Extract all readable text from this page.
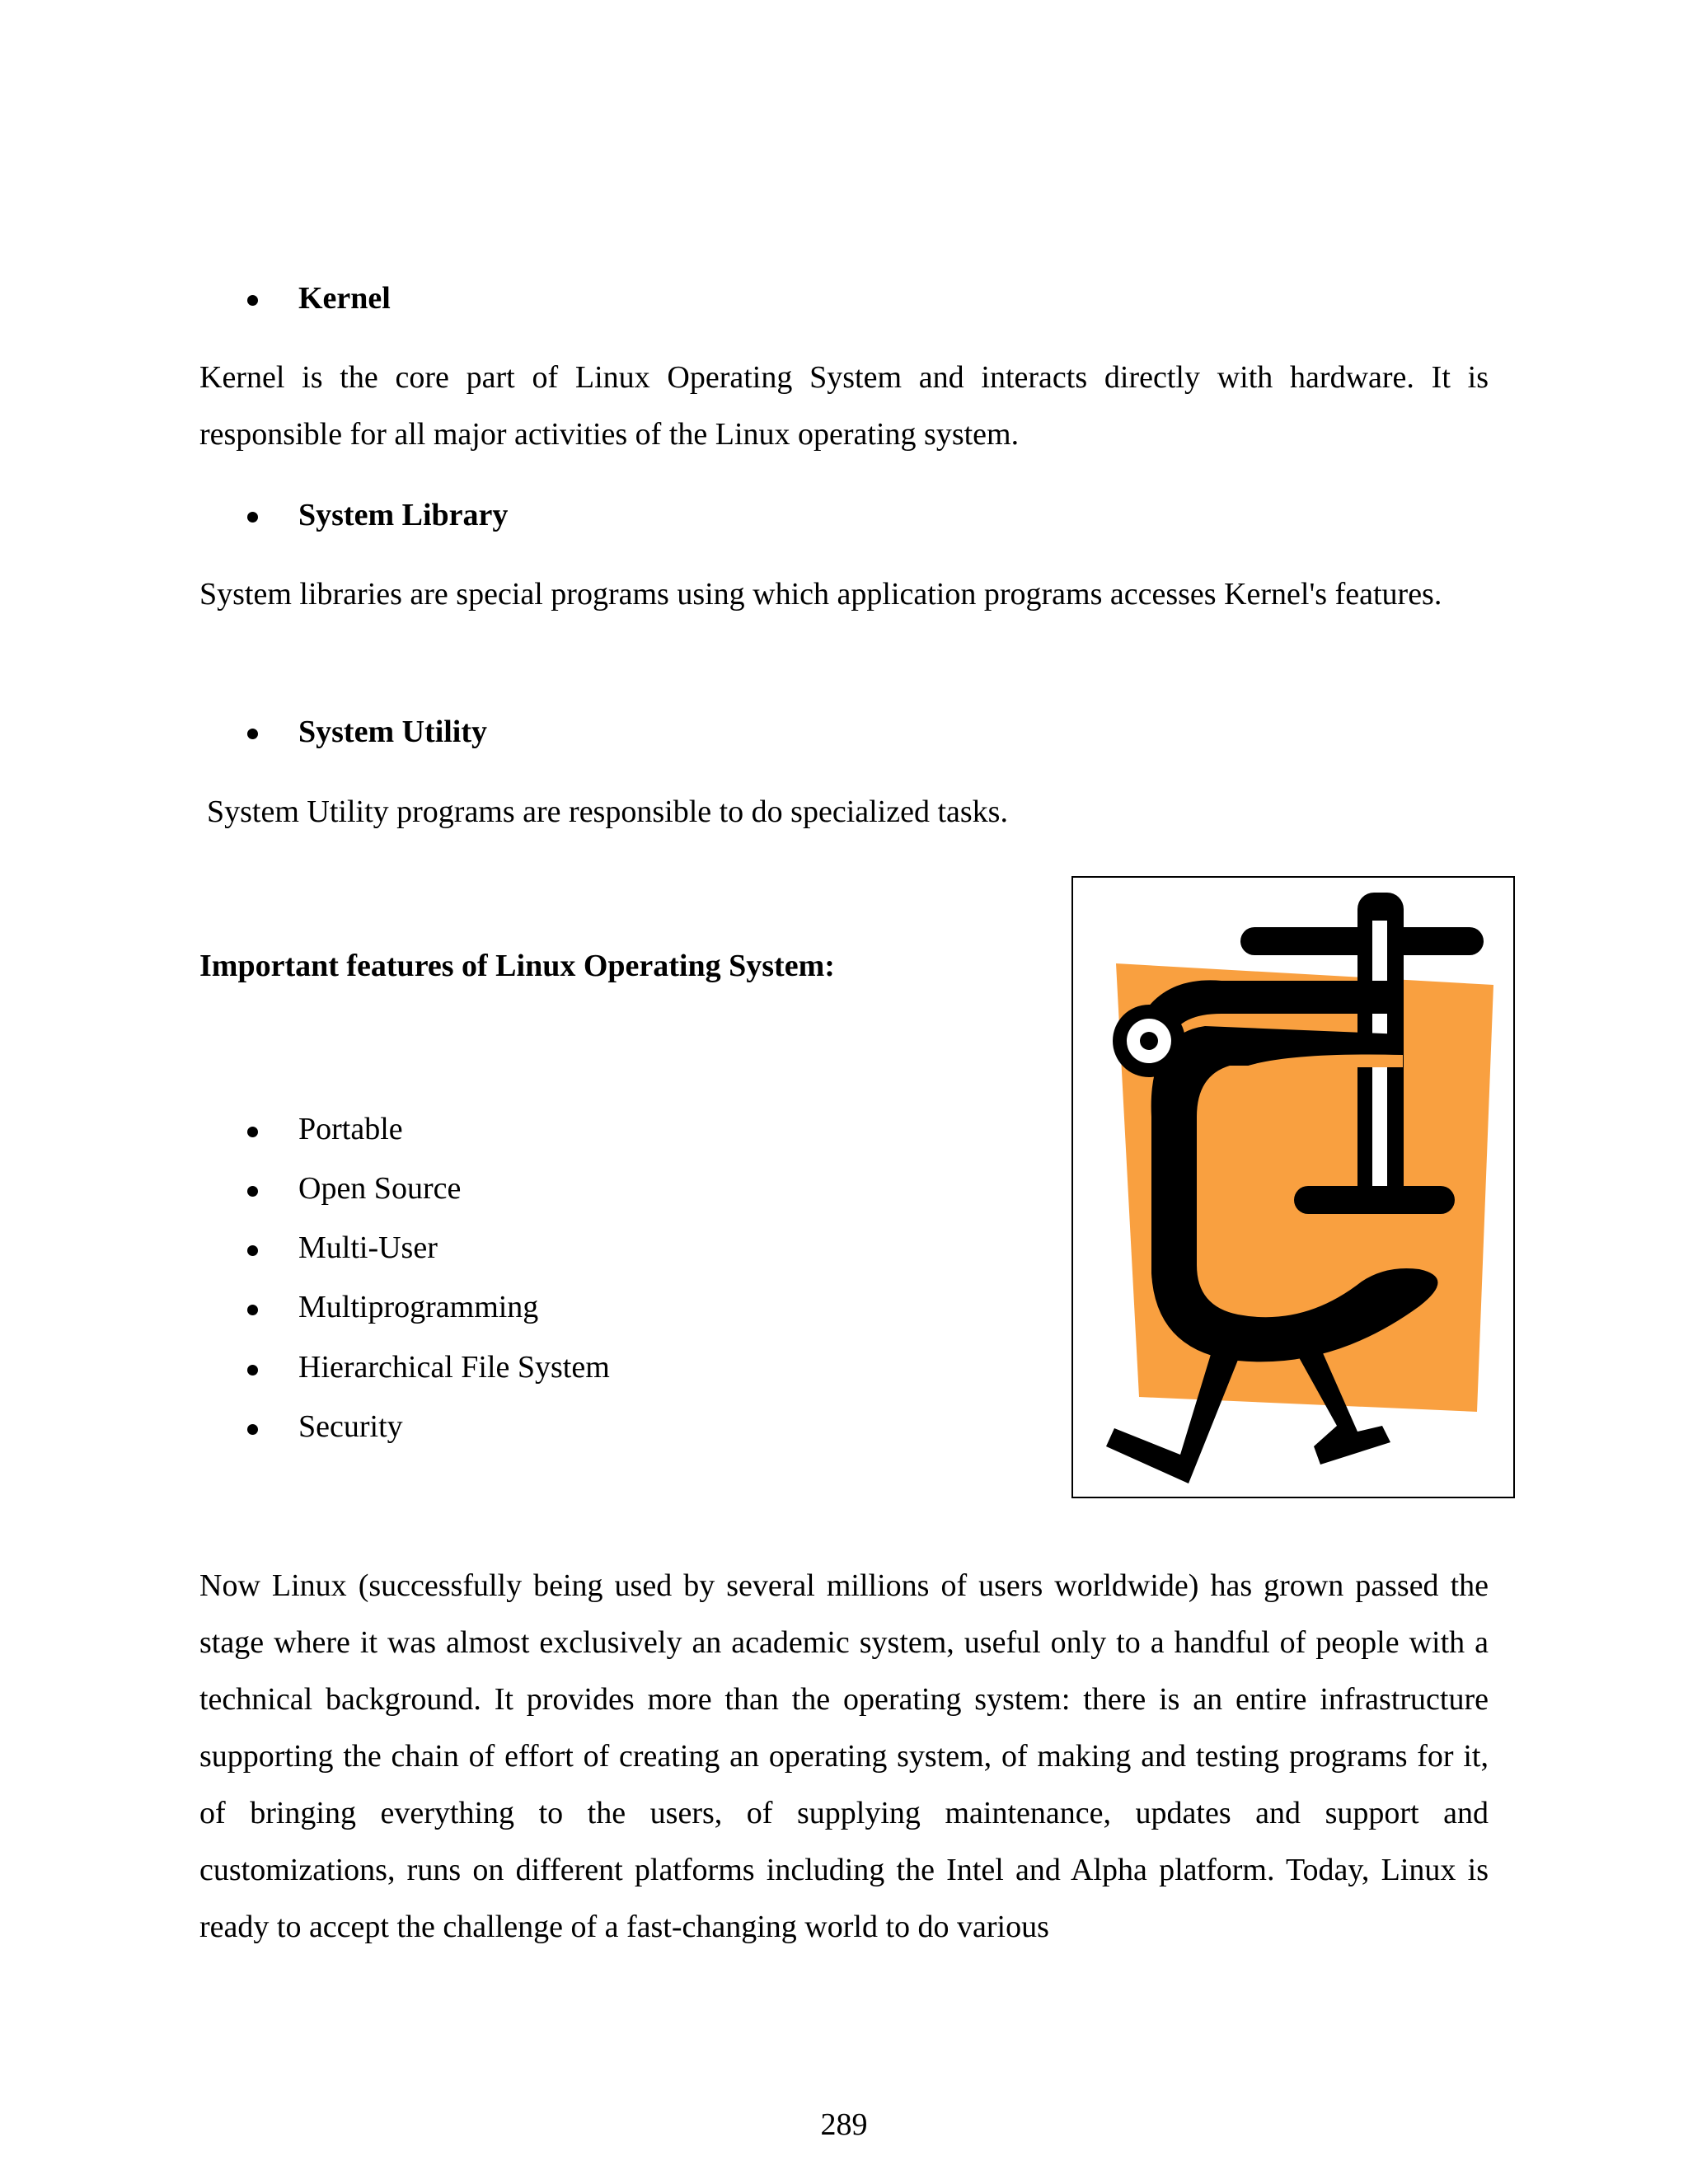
Kernel
Kernel is the core part of Linux Operating System and interacts directly with hardware. It is responsible for all major activities of the Linux operating system.
System Library
System libraries are special programs using which application programs accesses Kernel's features.
System Utility
System Utility programs are responsible to do specialized tasks.
Important features of Linux Operating System:
Portable
Open Source
Multi-User
Multiprogramming
Hierarchical File System
Security
Now Linux (successfully being used by several millions of users worldwide) has grown passed the stage where it was almost exclusively an academic system, useful only to a handful of people with a technical background. It provides more than the operating system: there is an entire infrastructure supporting the chain of effort of creating an operating system, of making and testing programs for it, of bringing everything to the users, of supplying maintenance, updates and support and customizations, runs on different platforms including the Intel and Alpha platform. Today, Linux is ready to accept the challenge of a fast-changing world to do various
289
